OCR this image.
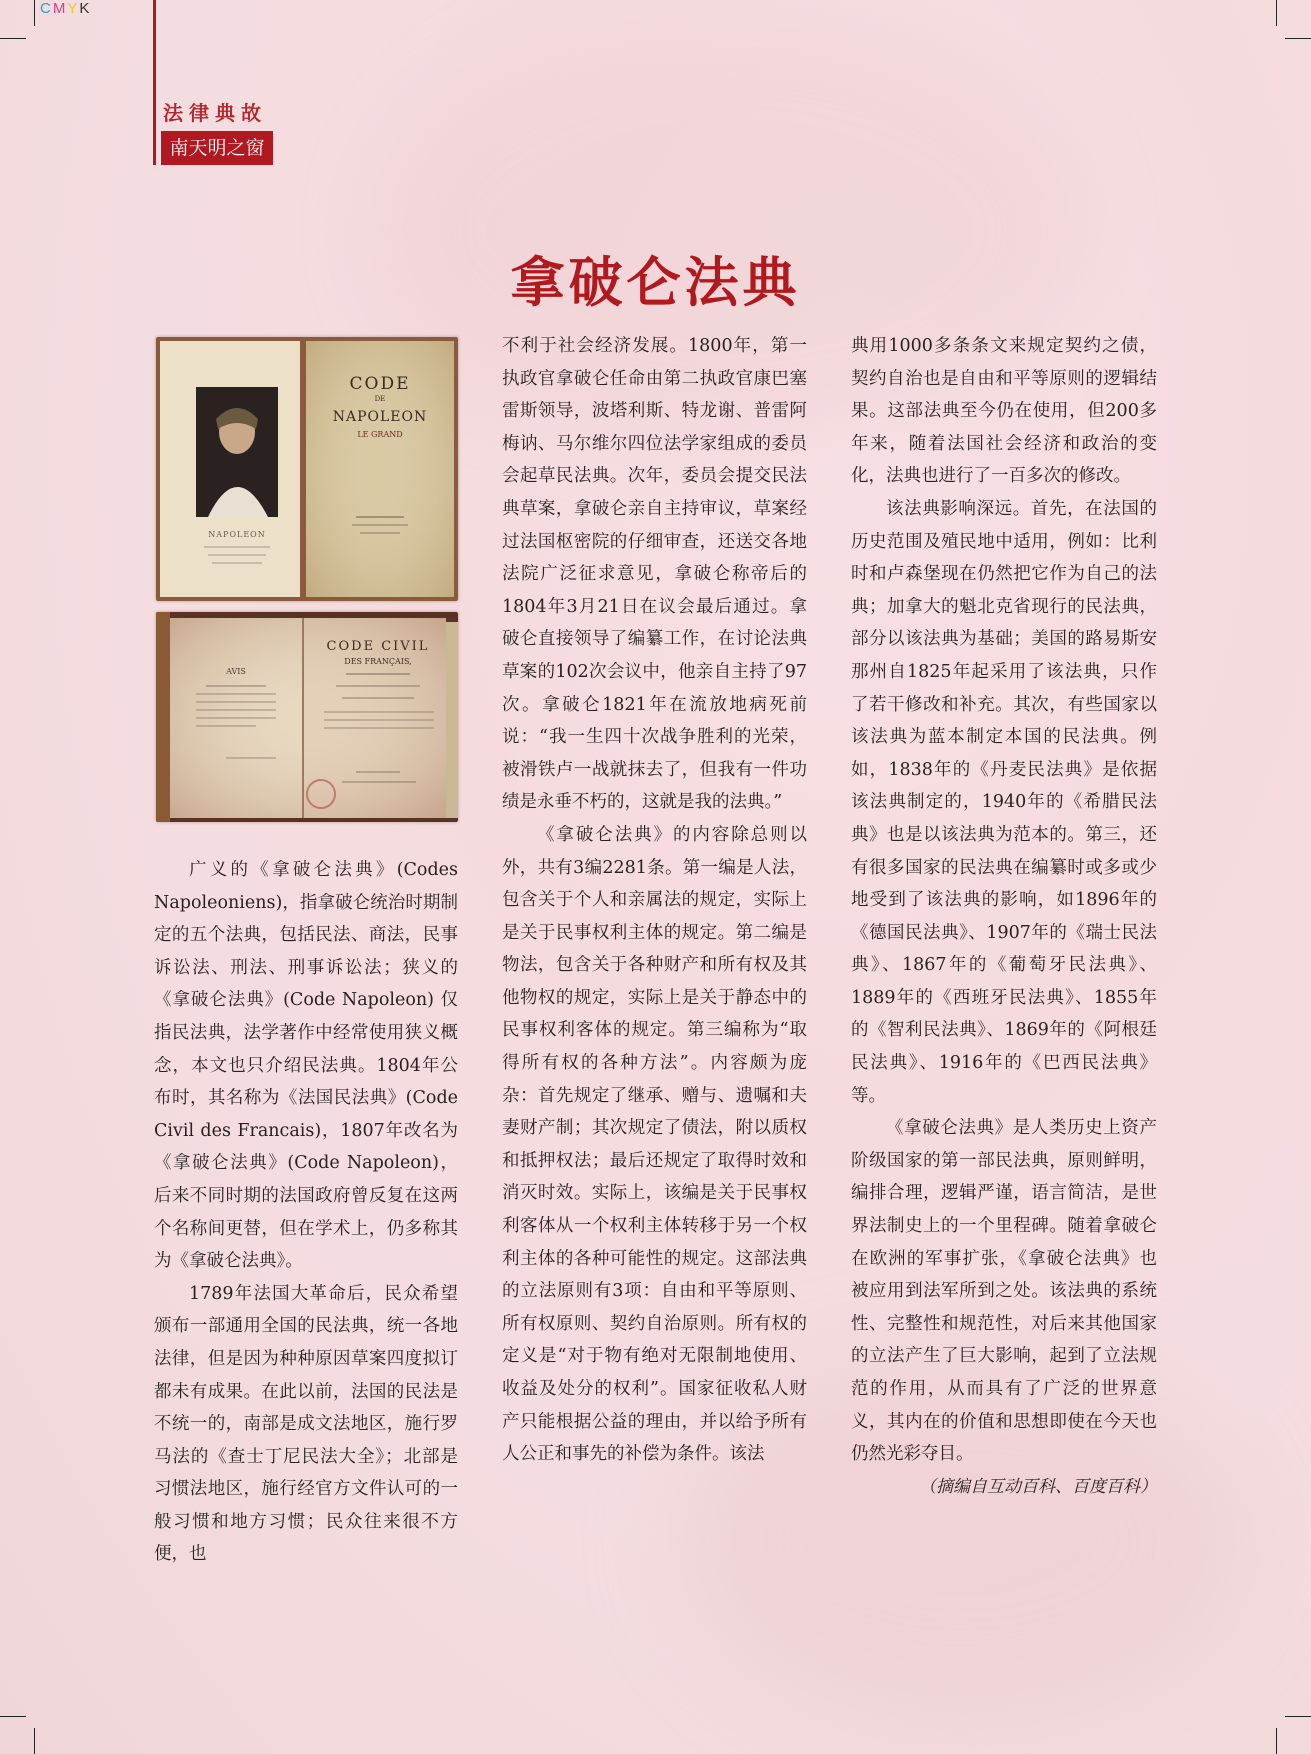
CMYK
法律典故
南天明之窗
拿破仑法典
NAPOLEON
CODE
DE
NAPOLEON
LE GRAND
AVIS
CODE CIVIL
DES FRANÇAIS,

广义的《拿破仑法典》(Codes Napoleoniens)，指拿破仑统治时期制定的五个法典，包括民法、商法，民事诉讼法、刑法、刑事诉讼法；狭义的《拿破仑法典》(Code Napoleon) 仅指民法典，法学著作中经常使用狭义概念，本文也只介绍民法典。1804年公布时，其名称为《法国民法典》(Code Civil des Francais)，1807年改名为《拿破仑法典》(Code Napoleon)，后来不同时期的法国政府曾反复在这两个名称间更替，但在学术上，仍多称其为《拿破仑法典》。

1789年法国大革命后，民众希望颁布一部通用全国的民法典，统一各地法律，但是因为种种原因草案四度拟订都未有成果。在此以前，法国的民法是不统一的，南部是成文法地区，施行罗马法的《查士丁尼民法大全》；北部是习惯法地区，施行经官方文件认可的一般习惯和地方习惯；民众往来很不方便，也

不利于社会经济发展。1800年，第一执政官拿破仑任命由第二执政官康巴塞雷斯领导，波塔利斯、特龙谢、普雷阿梅讷、马尔维尔四位法学家组成的委员会起草民法典。次年，委员会提交民法典草案，拿破仑亲自主持审议，草案经过法国枢密院的仔细审查，还送交各地法院广泛征求意见，拿破仑称帝后的1804年3月21日在议会最后通过。拿破仑直接领导了编纂工作，在讨论法典草案的102次会议中，他亲自主持了97次。拿破仑1821年在流放地病死前说：“我一生四十次战争胜利的光荣，被滑铁卢一战就抹去了，但我有一件功绩是永垂不朽的，这就是我的法典。”

《拿破仑法典》的内容除总则以外，共有3编2281条。第一编是人法，包含关于个人和亲属法的规定，实际上是关于民事权利主体的规定。第二编是物法，包含关于各种财产和所有权及其他物权的规定，实际上是关于静态中的民事权利客体的规定。第三编称为“取得所有权的各种方法”。内容颇为庞杂：首先规定了继承、赠与、遗嘱和夫妻财产制；其次规定了债法，附以质权和抵押权法；最后还规定了取得时效和消灭时效。实际上，该编是关于民事权利客体从一个权利主体转移于另一个权利主体的各种可能性的规定。这部法典的立法原则有3项：自由和平等原则、所有权原则、契约自治原则。所有权的定义是“对于物有绝对无限制地使用、收益及处分的权利”。国家征收私人财产只能根据公益的理由，并以给予所有人公正和事先的补偿为条件。该法

典用1000多条条文来规定契约之债，契约自治也是自由和平等原则的逻辑结果。这部法典至今仍在使用，但200多年来，随着法国社会经济和政治的变化，法典也进行了一百多次的修改。

该法典影响深远。首先，在法国的历史范围及殖民地中适用，例如：比利时和卢森堡现在仍然把它作为自己的法典；加拿大的魁北克省现行的民法典，部分以该法典为基础；美国的路易斯安那州自1825年起采用了该法典，只作了若干修改和补充。其次，有些国家以该法典为蓝本制定本国的民法典。例如，1838年的《丹麦民法典》是依据该法典制定的，1940年的《希腊民法典》也是以该法典为范本的。第三，还有很多国家的民法典在编纂时或多或少地受到了该法典的影响，如1896年的《德国民法典》、1907年的《瑞士民法典》、1867年的《葡萄牙民法典》、1889年的《西班牙民法典》、1855年的《智利民法典》、1869年的《阿根廷民法典》、1916年的《巴西民法典》等。

《拿破仑法典》是人类历史上资产阶级国家的第一部民法典，原则鲜明，编排合理，逻辑严谨，语言简洁，是世界法制史上的一个里程碑。随着拿破仑在欧洲的军事扩张，《拿破仑法典》也被应用到法军所到之处。该法典的系统性、完整性和规范性，对后来其他国家的立法产生了巨大影响，起到了立法规范的作用，从而具有了广泛的世界意义，其内在的价值和思想即使在今天也仍然光彩夺目。

（摘编自互动百科、百度百科）
